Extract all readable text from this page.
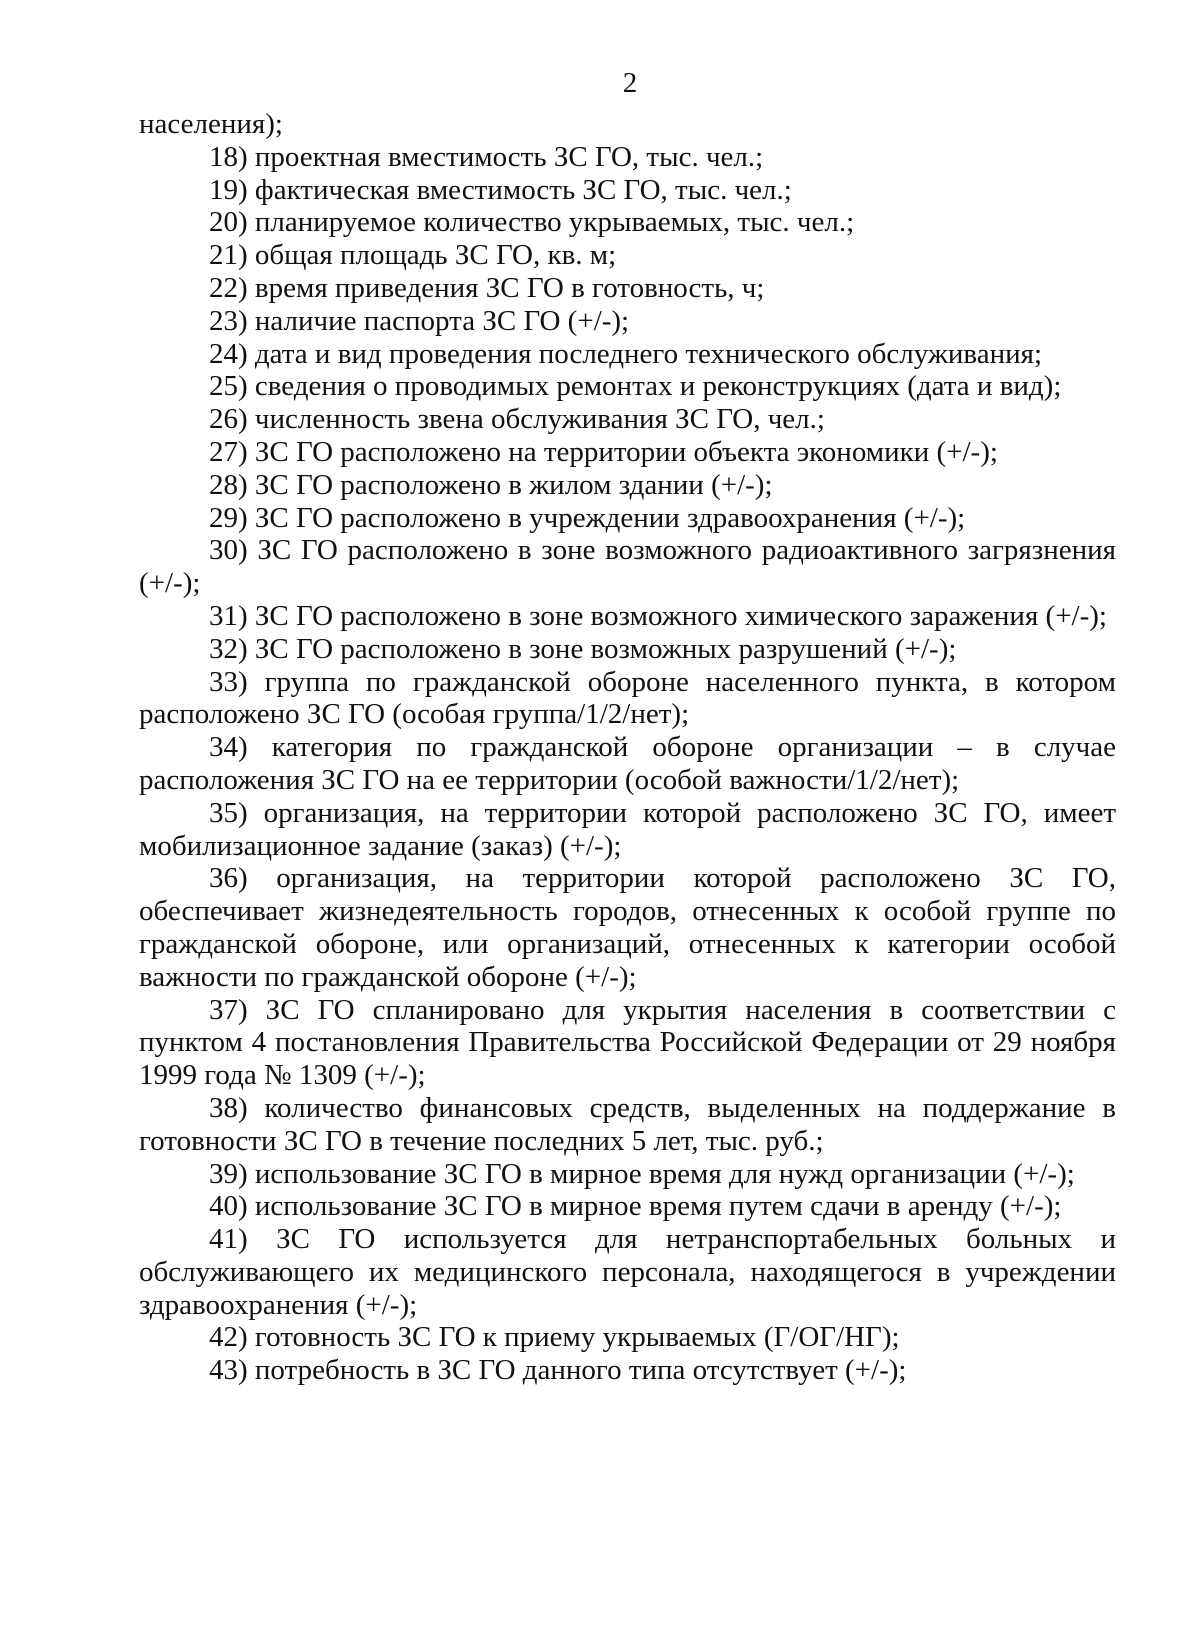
2

населения);

18) проектная вместимость ЗС ГО, тыс. чел.;

19) фактическая вместимость ЗС ГО, тыс. чел.;

20) планируемое количество укрываемых, тыс. чел.;

21) общая площадь ЗС ГО, кв. м;

22) время приведения ЗС ГО в готовность, ч;

23) наличие паспорта ЗС ГО (+/-);

24) дата и вид проведения последнего технического обслуживания;

25) сведения о проводимых ремонтах и реконструкциях (дата и вид);

26) численность звена обслуживания ЗС ГО, чел.;

27) ЗС ГО расположено на территории объекта экономики (+/-);

28) ЗС ГО расположено в жилом здании (+/-);

29) ЗС ГО расположено в учреждении здравоохранения (+/-);

30) ЗС ГО расположено в зоне возможного радиоактивного загрязнения (+/-);

31) ЗС ГО расположено в зоне возможного химического заражения (+/-);

32) ЗС ГО расположено в зоне возможных разрушений (+/-);

33) группа по гражданской обороне населенного пункта, в котором расположено ЗС ГО (особая группа/1/2/нет);

34) категория по гражданской обороне организации – в случае расположения ЗС ГО на ее территории (особой важности/1/2/нет);

35) организация, на территории которой расположено ЗС ГО, имеет мобилизационное задание (заказ) (+/-);

36) организация, на территории которой расположено ЗС ГО, обеспечивает жизнедеятельность городов, отнесенных к особой группе по гражданской обороне, или организаций, отнесенных к категории особой важности по гражданской обороне (+/-);

37) ЗС ГО спланировано для укрытия населения в соответствии с пунктом 4 постановления Правительства Российской Федерации от 29 ноября 1999 года № 1309 (+/-);

38) количество финансовых средств, выделенных на поддержание в готовности ЗС ГО в течение последних 5 лет, тыс. руб.;

39) использование ЗС ГО в мирное время для нужд организации (+/-);

40) использование ЗС ГО в мирное время путем сдачи в аренду (+/-);

41) ЗС ГО используется для нетранспортабельных больных и обслуживающего их медицинского персонала, находящегося в учреждении здравоохранения (+/-);

42) готовность ЗС ГО к приему укрываемых (Г/ОГ/НГ);

43) потребность в ЗС ГО данного типа отсутствует (+/-);
